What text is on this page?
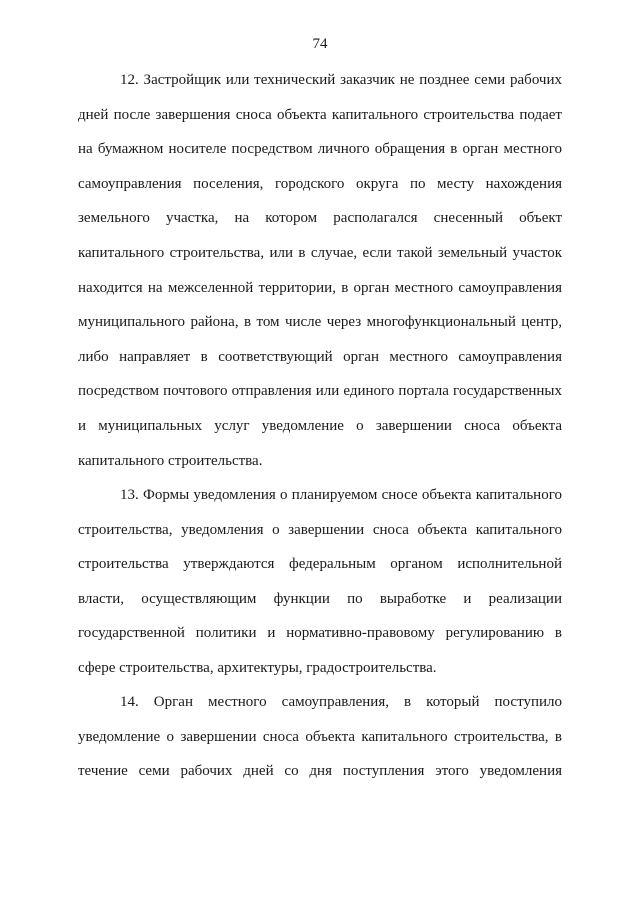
74
12. Застройщик или технический заказчик не позднее семи рабочих
дней после завершения сноса объекта капитального строительства подает
на бумажном носителе посредством личного обращения в орган местного
самоуправления поселения, городского округа по месту нахождения
земельного участка, на котором располагался снесенный объект
капитального строительства, или в случае, если такой земельный участок
находится на межселенной территории, в орган местного самоуправления
муниципального района, в том числе через многофункциональный центр,
либо направляет в соответствующий орган местного самоуправления
посредством почтового отправления или единого портала государственных
и муниципальных услуг уведомление о завершении сноса объекта
капитального строительства.
13. Формы уведомления о планируемом сносе объекта капитального
строительства, уведомления о завершении сноса объекта капитального
строительства утверждаются федеральным органом исполнительной
власти, осуществляющим функции по выработке и реализации
государственной политики и нормативно-правовому регулированию в
сфере строительства, архитектуры, градостроительства.
14. Орган местного самоуправления, в который поступило
уведомление о завершении сноса объекта капитального строительства, в
течение семи рабочих дней со дня поступления этого уведомления
